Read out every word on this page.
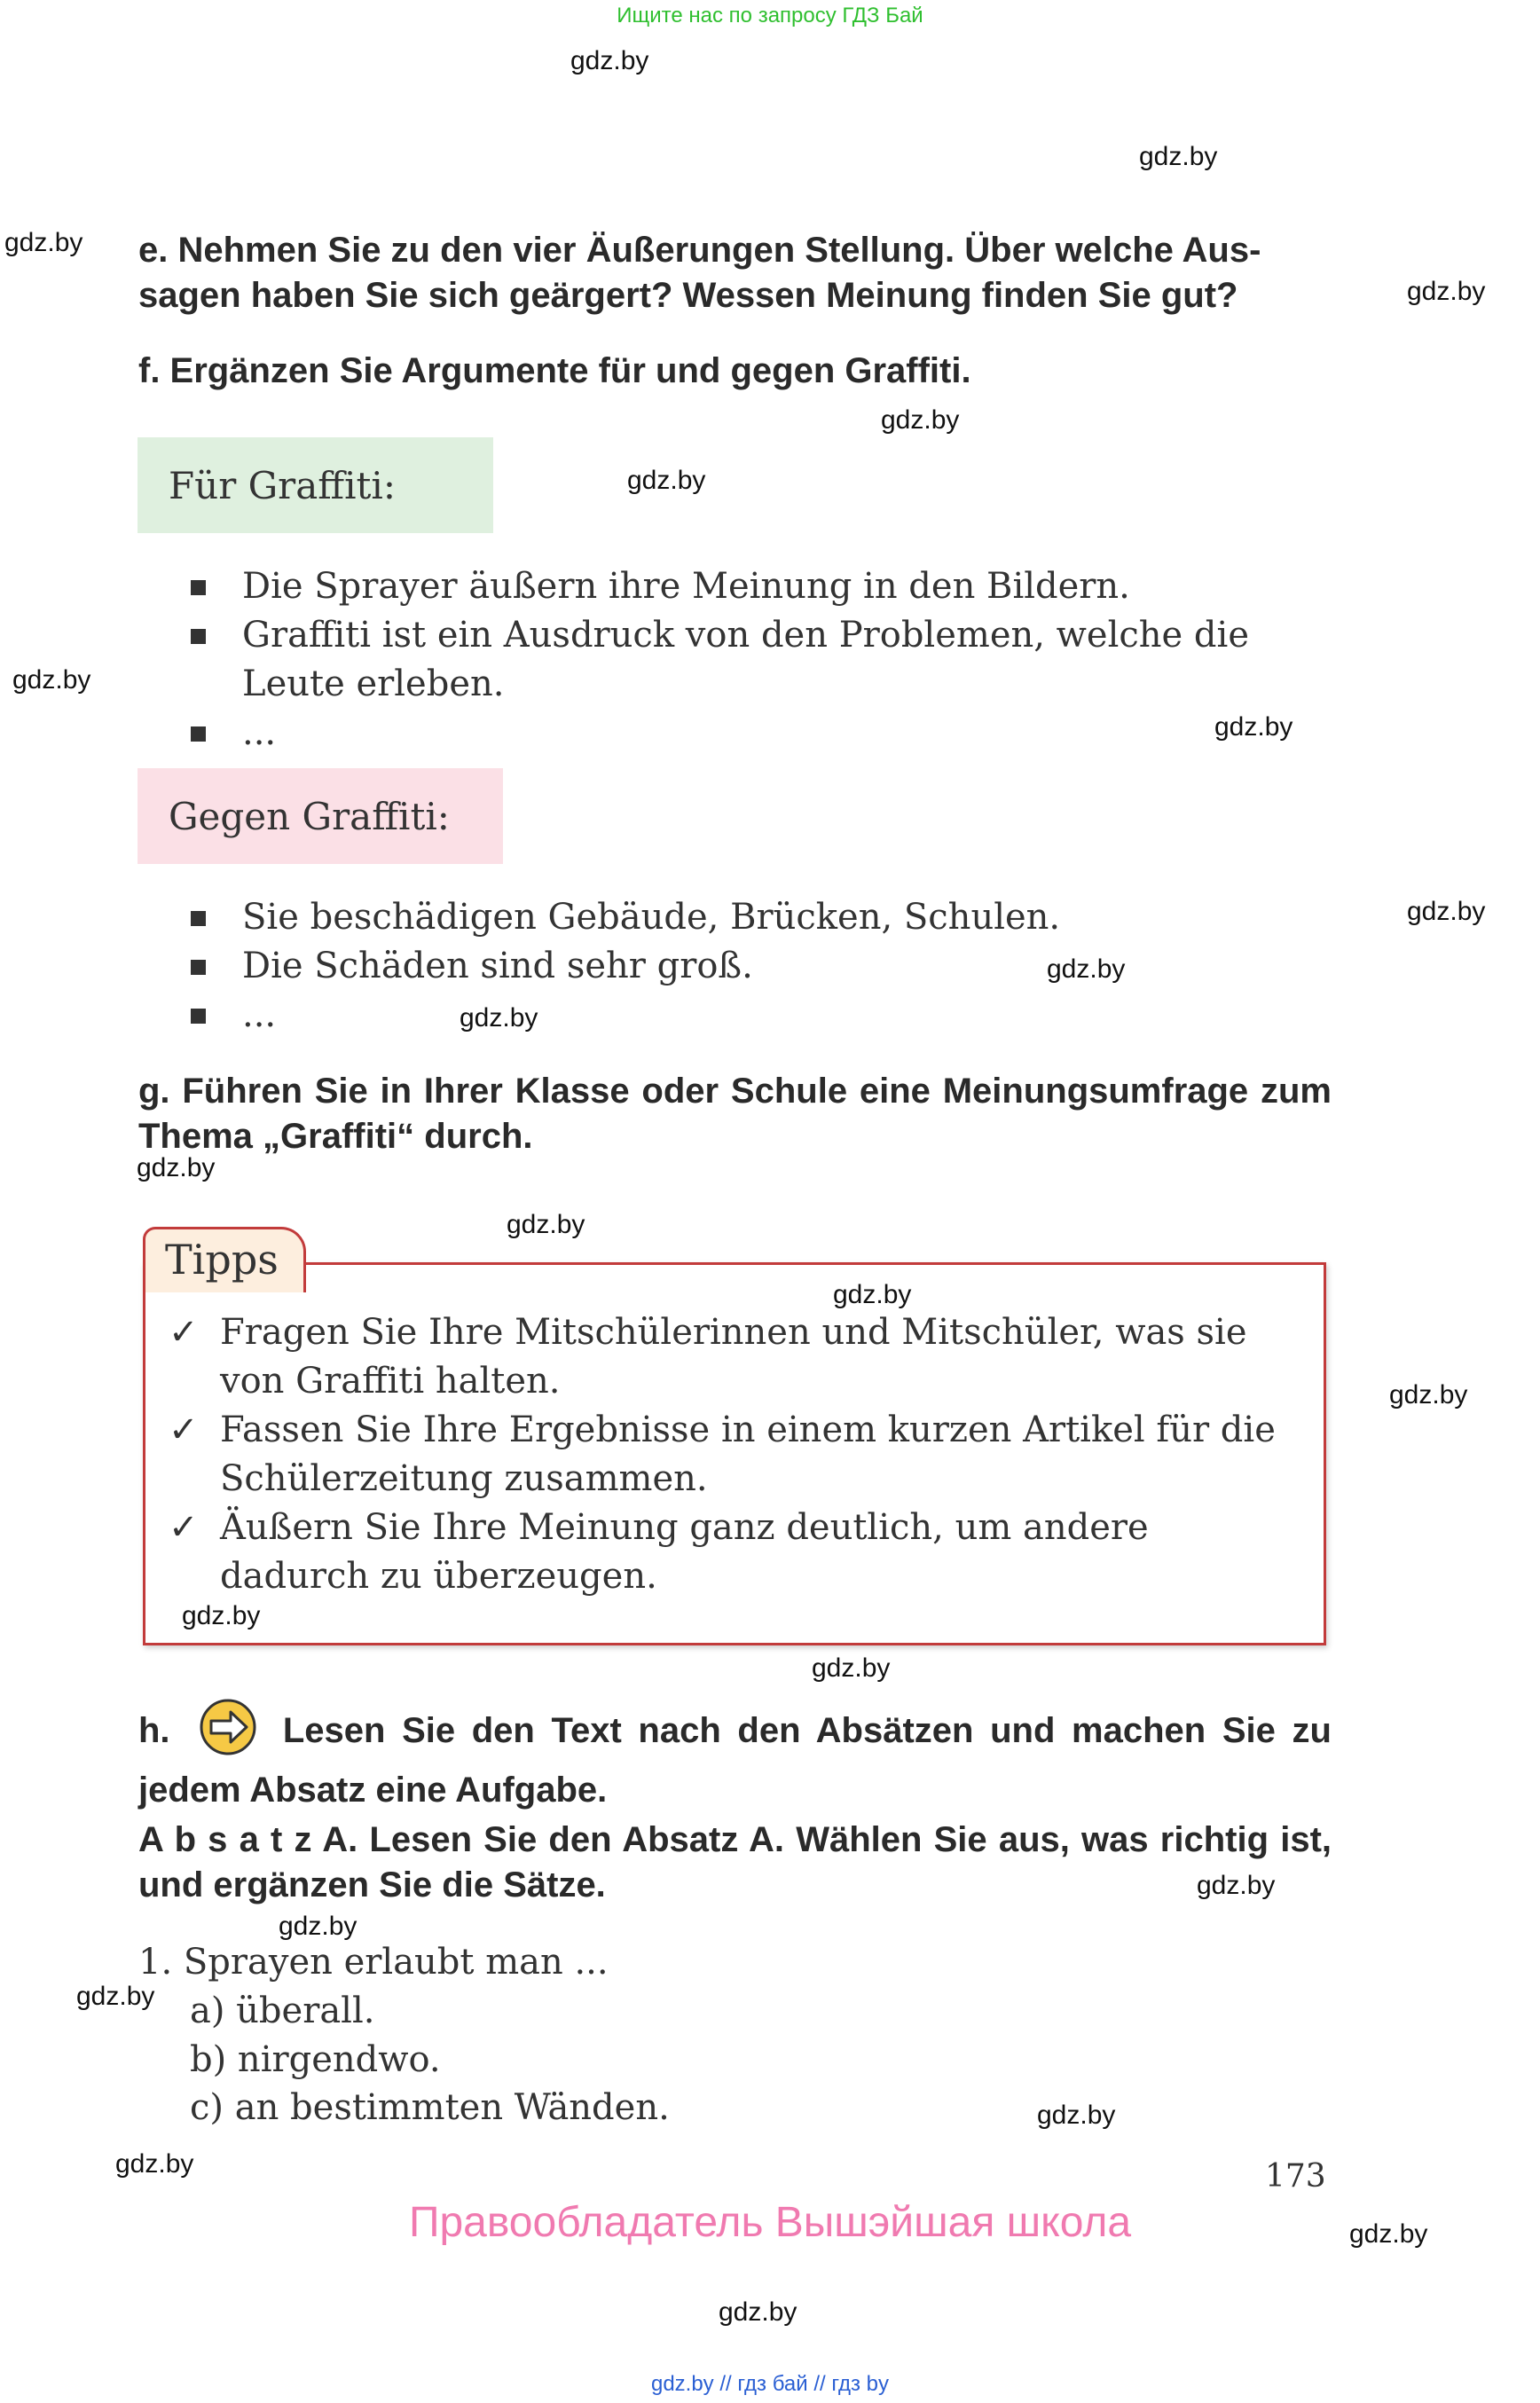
Ищите нас по запросу ГДЗ Бай
gdz.by
gdz.by
gdz.by
gdz.by
gdz.by
gdz.by
gdz.by
gdz.by
gdz.by
gdz.by
gdz.by
gdz.by
gdz.by
gdz.by
gdz.by
gdz.by
gdz.by
gdz.by
gdz.by
gdz.by
gdz.by
gdz.by
gdz.by
gdz.by
e. Nehmen Sie zu den vier Äußerungen Stellung. Über welche Aus-
sagen haben Sie sich geärgert? Wessen Meinung finden Sie gut?
f. Ergänzen Sie Argumente für und gegen Graffiti.
Für Graffiti:
Die Sprayer äußern ihre Meinung in den Bildern.
Graffiti ist ein Ausdruck von den Problemen, welche die Leute erleben.
...
Gegen Graffiti:
Sie beschädigen Gebäude, Brücken, Schulen.
Die Schäden sind sehr groß.
...
g. Führen Sie in Ihrer Klasse oder Schule eine Meinungsumfrage zum Thema „Graffiti“ durch.
Tipps
✓ Fragen Sie Ihre Mitschülerinnen und Mitschüler, was sie von Graffiti halten.
✓ Fassen Sie Ihre Ergebnisse in einem kurzen Artikel für die Schülerzeitung zusammen.
✓ Äußern Sie Ihre Meinung ganz deutlich, um andere dadurch zu überzeugen.
h.	Lesen Sie den Text nach den Absätzen und machen Sie zu jedem Absatz eine Aufgabe.
A b s a t z A. Lesen Sie den Absatz A. Wählen Sie aus, was richtig ist, und ergänzen Sie die Sätze.
1. Sprayen erlaubt man ...
a) überall.
b) nirgendwo.
c) an bestimmten Wänden.
173
Правообладатель Вышэйшая школа
gdz.by // гдз бай // гдз by
